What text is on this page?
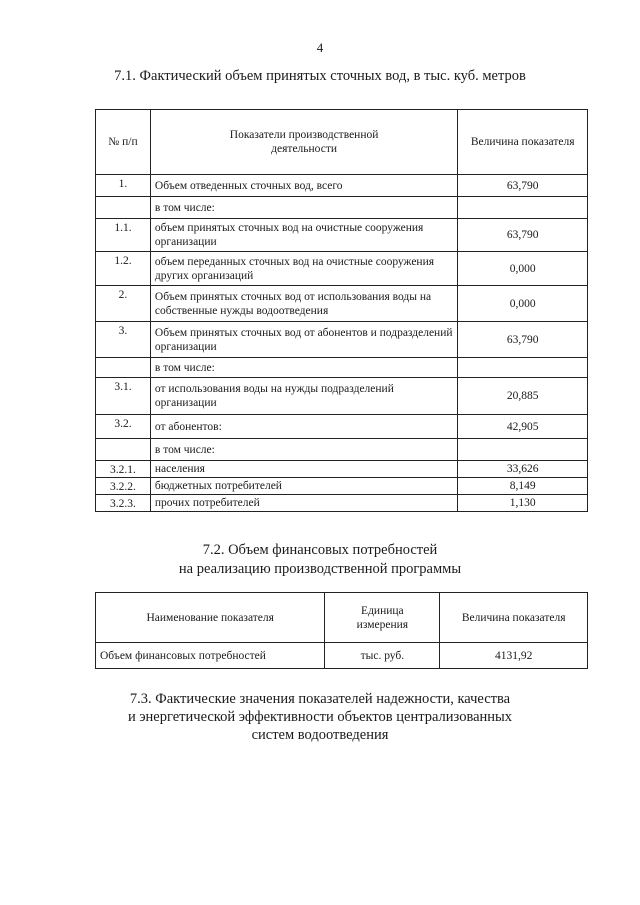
4
7.1. Фактический объем принятых сточных вод, в тыс. куб. метров
№ п/п	Показатели производственной деятельности	Величина показателя
1.	Объем отведенных сточных вод, всего	63,790
	в том числе:	
1.1.	объем принятых сточных вод на очистные сооружения организации	63,790
1.2.	объем переданных сточных вод на очистные сооружения других организаций	0,000
2.	Объем принятых сточных вод от использования воды на собственные нужды водоотведения	0,000
3.	Объем принятых сточных вод от абонентов и подразделений организации	63,790
	в том числе:	
3.1.	от использования воды на нужды подразделений организации	20,885
3.2.	от абонентов:	42,905
	в том числе:	
3.2.1.	населения	33,626
3.2.2.	бюджетных потребителей	8,149
3.2.3.	прочих потребителей	1,130
7.2. Объем финансовых потребностей
на реализацию производственной программы
Наименование показателя	Единица измерения	Величина показателя
Объем финансовых потребностей	тыс. руб.	4131,92
7.3. Фактические значения показателей надежности, качества
и энергетической эффективности объектов централизованных
систем водоотведения
